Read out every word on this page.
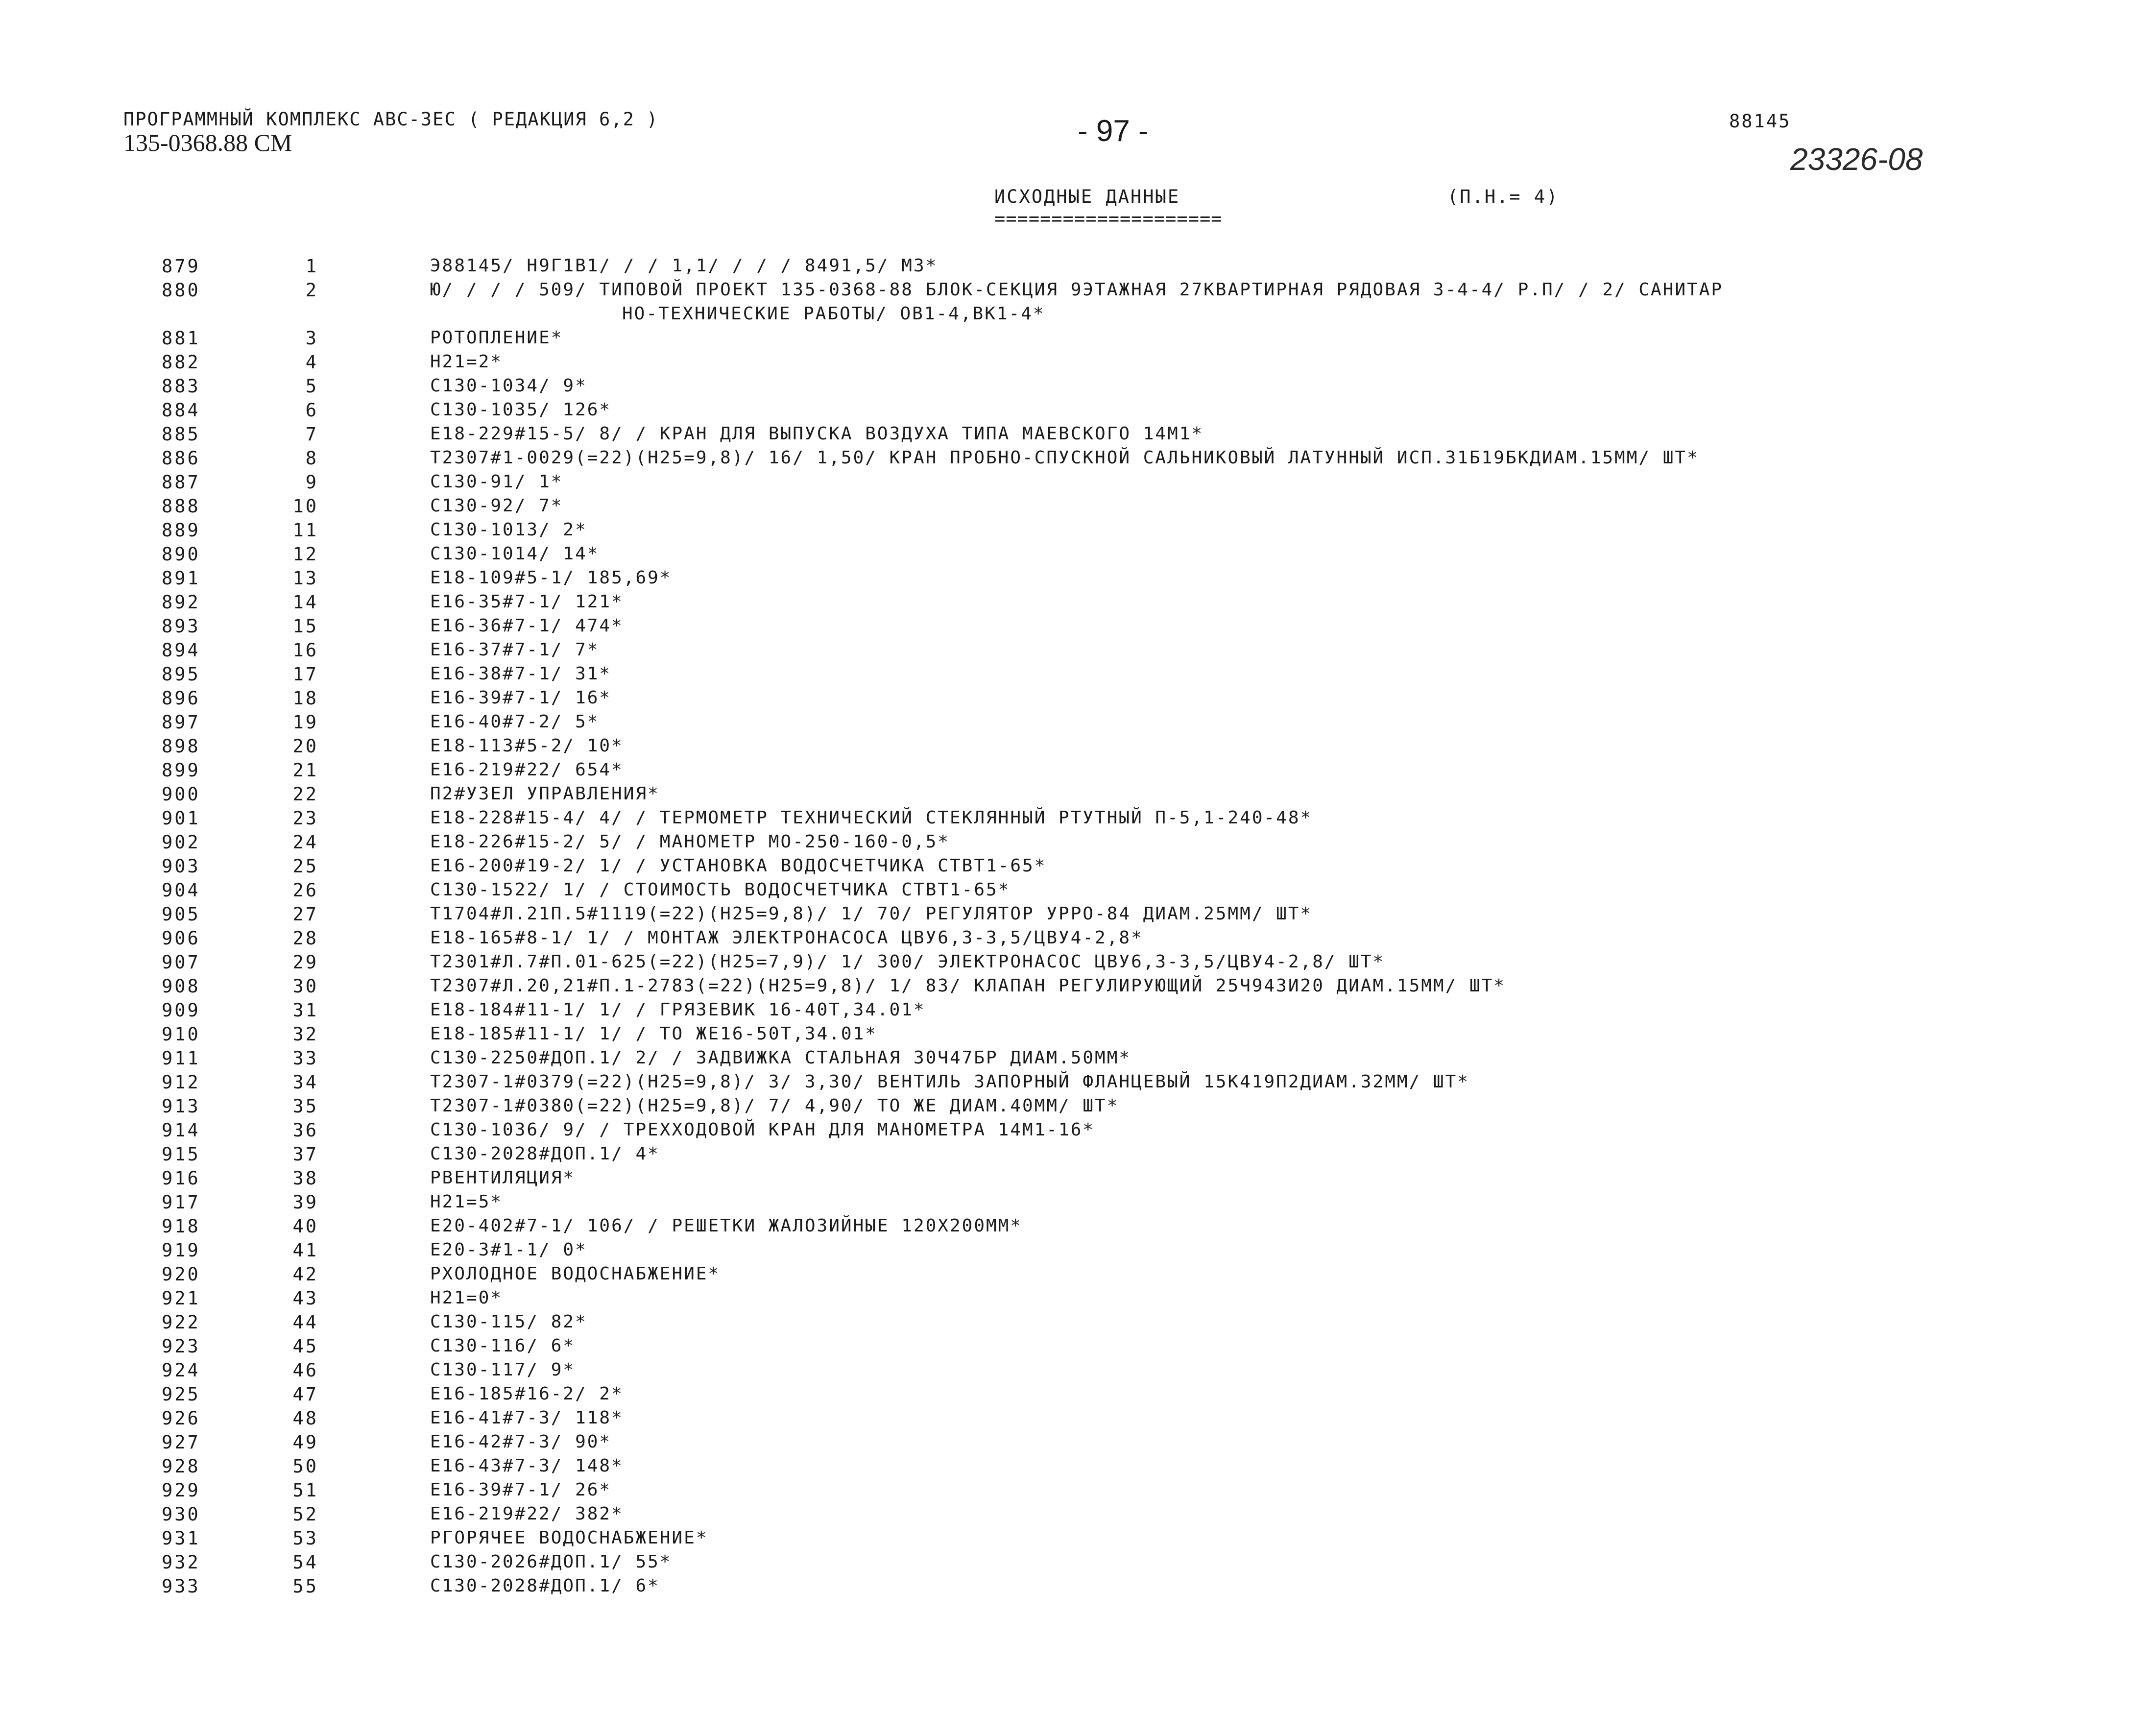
ПРОГРАММНЫЙ КОМПЛЕКС АВС-ЗЕС ( РЕДАКЦИЯ 6,2 )
135-0368.88 СМ	- 97 -	88145
23326-08
ИСХОДНЫЕ ДАННЫЕ
====================
(П.Н.= 4)
879	1	Э88145/ Н9Г1В1/ / / 1,1/ / / / 8491,5/ МЗ*
880	2	Ю/ / / / 509/ ТИПОВОЙ ПРОЕКТ 135-0368-88 БЛОК-СЕКЦИЯ 9ЭТАЖНАЯ 27КВАРТИРНАЯ РЯДОВАЯ 3-4-4/ Р.П/ / 2/ САНИТАР
НО-ТЕХНИЧЕСКИЕ РАБОТЫ/ ОВ1-4,ВК1-4*
881	3	РОТОПЛЕНИЕ*
882	4	Н21=2*
883	5	С130-1034/ 9*
884	6	С130-1035/ 126*
885	7	Е18-229#15-5/ 8/ / КРАН ДЛЯ ВЫПУСКА ВОЗДУХА ТИПА МАЕВСКОГО 14М1*
886	8	Т2307#1-0029(=22)(Н25=9,8)/ 16/ 1,50/ КРАН ПРОБНО-СПУСКНОЙ САЛЬНИКОВЫЙ ЛАТУННЫЙ ИСП.31Б19БКДИАМ.15ММ/ ШТ*
887	9	С130-91/ 1*
888	10	С130-92/ 7*
889	11	С130-1013/ 2*
890	12	С130-1014/ 14*
891	13	Е18-109#5-1/ 185,69*
892	14	Е16-35#7-1/ 121*
893	15	Е16-36#7-1/ 474*
894	16	Е16-37#7-1/ 7*
895	17	Е16-38#7-1/ 31*
896	18	Е16-39#7-1/ 16*
897	19	Е16-40#7-2/ 5*
898	20	Е18-113#5-2/ 10*
899	21	Е16-219#22/ 654*
900	22	П2#УЗЕЛ УПРАВЛЕНИЯ*
901	23	Е18-228#15-4/ 4/ / ТЕРМОМЕТР ТЕХНИЧЕСКИЙ СТЕКЛЯННЫЙ РТУТНЫЙ П-5,1-240-48*
902	24	Е18-226#15-2/ 5/ / МАНОМЕТР МО-250-160-0,5*
903	25	Е16-200#19-2/ 1/ / УСТАНОВКА ВОДОСЧЕТЧИКА СТВТ1-65*
904	26	С130-1522/ 1/ / СТОИМОСТЬ ВОДОСЧЕТЧИКА СТВТ1-65*
905	27	Т1704#Л.21П.5#1119(=22)(Н25=9,8)/ 1/ 70/ РЕГУЛЯТОР УРРО-84 ДИАМ.25ММ/ ШТ*
906	28	Е18-165#8-1/ 1/ / МОНТАЖ ЭЛЕКТРОНАСОСА ЦВУ6,3-3,5/ЦВУ4-2,8*
907	29	Т2301#Л.7#П.01-625(=22)(Н25=7,9)/ 1/ 300/ ЭЛЕКТРОНАСОС ЦВУ6,3-3,5/ЦВУ4-2,8/ ШТ*
908	30	Т2307#Л.20,21#П.1-2783(=22)(Н25=9,8)/ 1/ 83/ КЛАПАН РЕГУЛИРУЮЩИЙ 25Ч943И20 ДИАМ.15ММ/ ШТ*
909	31	Е18-184#11-1/ 1/ / ГРЯЗЕВИК 16-40Т,34.01*
910	32	Е18-185#11-1/ 1/ / ТО ЖЕ16-50Т,34.01*
911	33	С130-2250#ДОП.1/ 2/ / ЗАДВИЖКА СТАЛЬНАЯ 30Ч47БР ДИАМ.50ММ*
912	34	Т2307-1#0379(=22)(Н25=9,8)/ 3/ 3,30/ ВЕНТИЛЬ ЗАПОРНЫЙ ФЛАНЦЕВЫЙ 15К419П2ДИАМ.32ММ/ ШТ*
913	35	Т2307-1#0380(=22)(Н25=9,8)/ 7/ 4,90/ ТО ЖЕ ДИАМ.40ММ/ ШТ*
914	36	С130-1036/ 9/ / ТРЕХХОДОВОЙ КРАН ДЛЯ МАНОМЕТРА 14М1-16*
915	37	С130-2028#ДОП.1/ 4*
916	38	РВЕНТИЛЯЦИЯ*
917	39	Н21=5*
918	40	Е20-402#7-1/ 106/ / РЕШЕТКИ ЖАЛОЗИЙНЫЕ 120Х200ММ*
919	41	Е20-3#1-1/ 0*
920	42	РХОЛОДНОЕ ВОДОСНАБЖЕНИЕ*
921	43	Н21=0*
922	44	С130-115/ 82*
923	45	С130-116/ 6*
924	46	С130-117/ 9*
925	47	Е16-185#16-2/ 2*
926	48	Е16-41#7-3/ 118*
927	49	Е16-42#7-3/ 90*
928	50	Е16-43#7-3/ 148*
929	51	Е16-39#7-1/ 26*
930	52	Е16-219#22/ 382*
931	53	РГОРЯЧЕЕ ВОДОСНАБЖЕНИЕ*
932	54	С130-2026#ДОП.1/ 55*
933	55	С130-2028#ДОП.1/ 6*
